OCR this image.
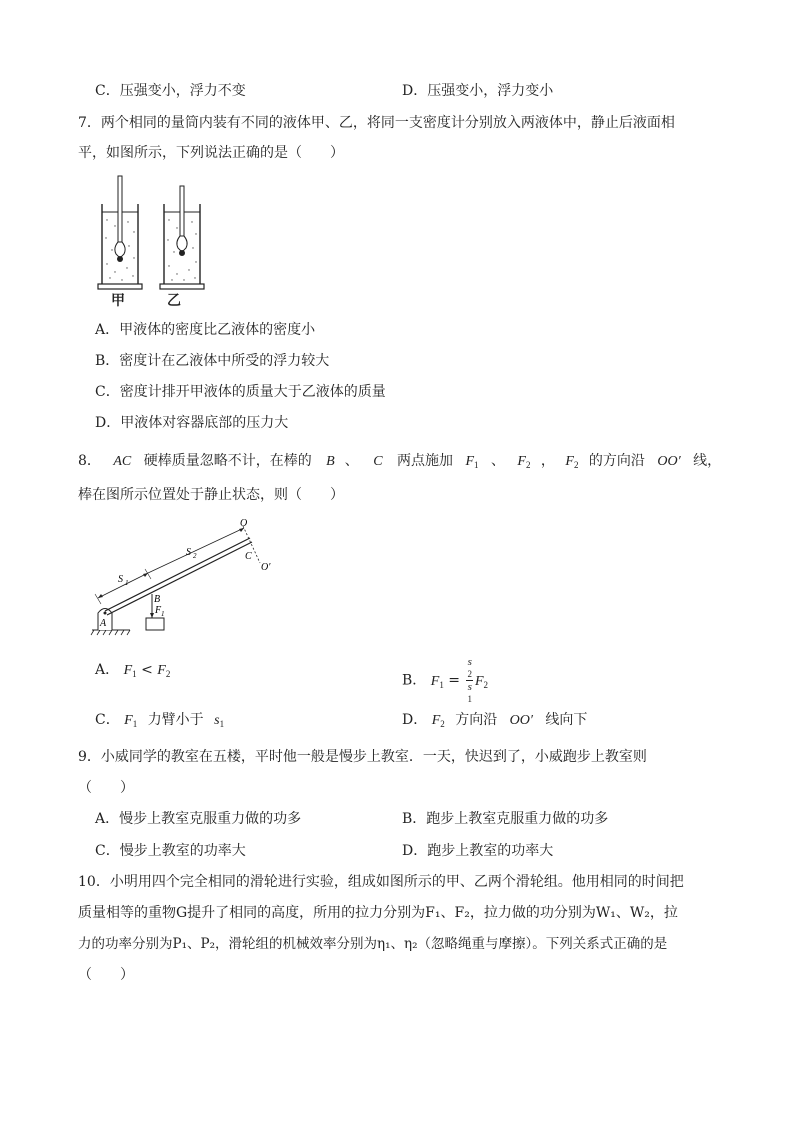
C．压强变小，浮力不变	D．压强变小，浮力变小
7．两个相同的量筒内装有不同的液体甲、乙，将同一支密度计分别放入两液体中，静止后液面相
平，如图所示，下列说法正确的是（　　）
甲	乙
A．甲液体的密度比乙液体的密度小
B．密度计在乙液体中所受的浮力较大
C．密度计排开甲液体的质量大于乙液体的质量
D．甲液体对容器底部的压力大
8． AC 硬棒质量忽略不计，在棒的 B 、 C 两点施加 $F_1$ 、 $F_2$ ， $F_2$ 的方向沿 OO′ 线，
棒在图所示位置处于静止状态，则（　　）
O
O′
C
B
A
S 1
S 2
F 1
A． $F_1 < F_2$	B． $F_1 = s$
2
s
1 $F_2$
C． $F_1$ 力臂小于 $s_1$	D． $F_2$ 方向沿 OO′ 线向下
9．小威同学的教室在五楼，平时他一般是慢步上教室．一天，快迟到了，小威跑步上教室则
（　　）
A．慢步上教室克服重力做的功多	B．跑步上教室克服重力做的功多
C．慢步上教室的功率大	D．跑步上教室的功率大
10．小明用四个完全相同的滑轮进行实验，组成如图所示的甲、乙两个滑轮组。他用相同的时间把
质量相等的重物G提升了相同的高度，所用的拉力分别为F₁、F₂，拉力做的功分别为W₁、W₂，拉
力的功率分别为P₁、P₂，滑轮组的机械效率分别为η₁、η₂（忽略绳重与摩擦）。下列关系式正确的是
（　　）
